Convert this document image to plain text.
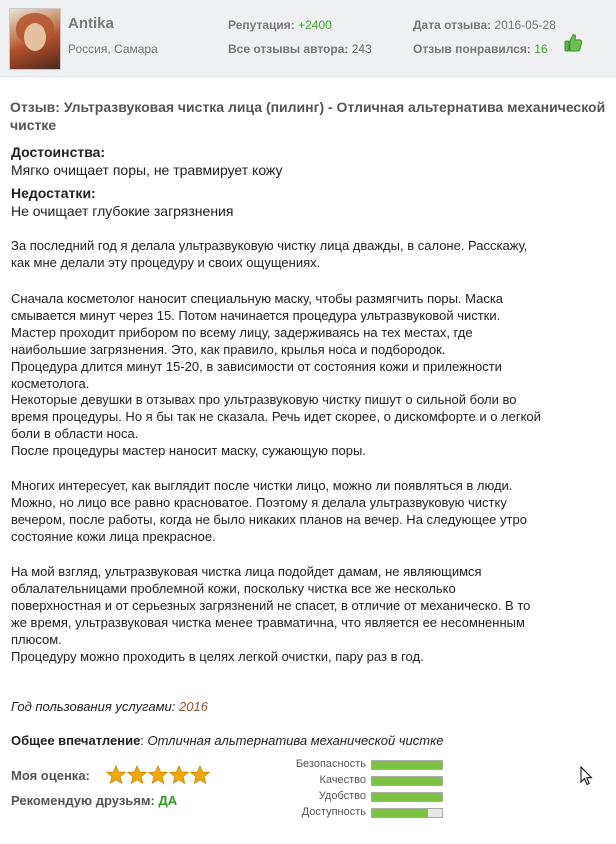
Antika
Россия, Самара
Репутация: +2400
Все отзывы автора: 243
Дата отзыва: 2016-05-28
Отзыв понравился: 16
Отзыв: Ультразвуковая чистка лица (пилинг) - Отличная альтернатива механической чистке
Достоинства:
Мягко очищает поры, не травмирует кожу
Недостатки:
Не очищает глубокие загрязнения
За последний год я делала ультразвуковую чистку лица дважды, в салоне. Расскажу,
как мне делали эту процедуру и своих ощущениях.
Сначала косметолог наносит специальную маску, чтобы размягчить поры. Маска
смывается минут через 15. Потом начинается процедура ультразвуковой чистки.
Мастер проходит прибором по всему лицу, задерживаясь на тех местах, где
наибольшие загрязнения. Это, как правило, крылья носа и подбородок.
Процедура длится минут 15-20, в зависимости от состояния кожи и прилежности
косметолога.
Некоторые девушки в отзывах про ультразвуковую чистку пишут о сильной боли во
время процедуры. Но я бы так не сказала. Речь идет скорее, о дискомфорте и о легкой
боли в области носа.
После процедуры мастер наносит маску, сужающую поры.
Многих интересует, как выглядит после чистки лицо, можно ли появляться в люди.
Можно, но лицо все равно красноватое. Поэтому я делала ультразвуковую чистку
вечером, после работы, когда не было никаких планов на вечер. На следующее утро
состояние кожи лица прекрасное.
На мой взгляд, ультразвуковая чистка лица подойдет дамам, не являющимся
облалательницами проблемной кожи, поскольку чистка все же несколько
поверхностная и от серьезных загрязнений не спасет, в отличие от механическо. В то
же время, ультразвуковая чистка менее травматична, что является ее несомненным
плюсом.
Процедуру можно проходить в целях легкой очистки, пару раз в год.
Год пользования услугами: 2016
Общее впечатление: Отличная альтернатива механической чистке
Моя оценка:
Рекомендую друзьям: ДА
Безопасность
Качество
Удобство
Доступность
